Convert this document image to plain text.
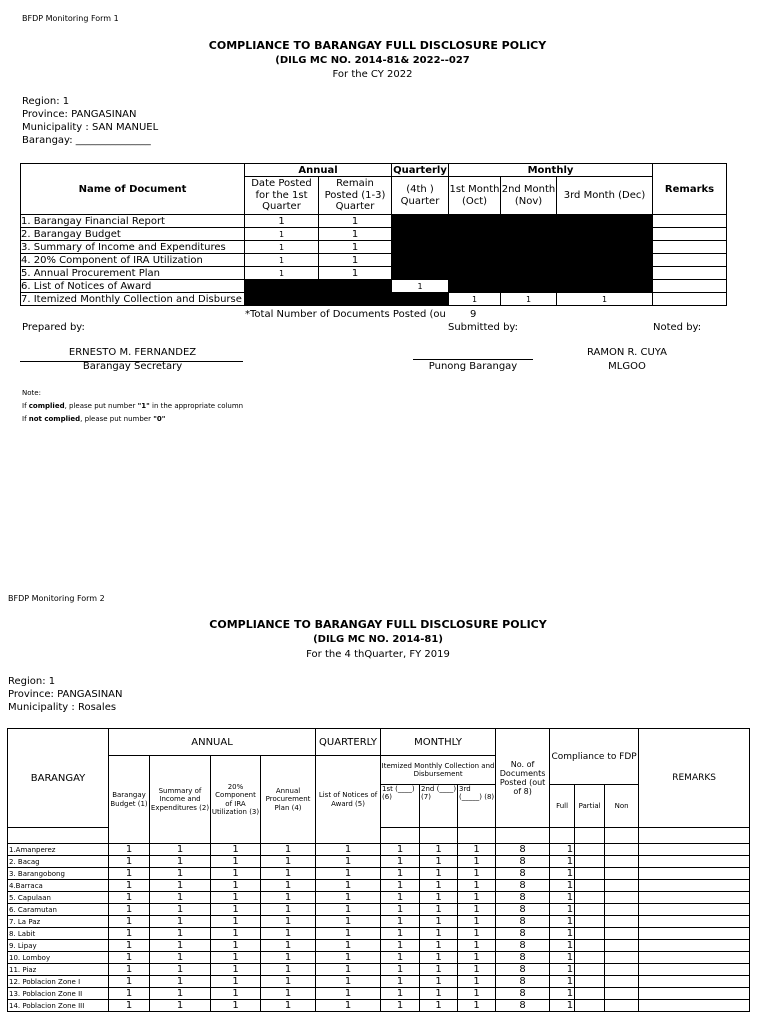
BFDP Monitoring Form 1
COMPLIANCE TO BARANGAY FULL DISCLOSURE POLICY
(DILG MC NO. 2014-81& 2022--027
For the CY 2022
Region: 1
Province: PANGASINAN
Municipality : SAN MANUEL
Barangay: _______________
Name of Document	Annual		Quarterly	Monthly			Remarks
	Date Posted for the 1st Quarter	Remain Posted (1-3) Quarter	(4th ) Quarter	1st Month (Oct)	2nd Month (Nov)	3rd Month (Dec)	
1. Barangay Financial Report	1	1					
2. Barangay Budget	1	1					
3. Summary of Income and Expenditures	1	1					
4. 20% Component of IRA Utilization	1	1					
5. Annual Procurement Plan	1	1					
6. List of Notices of Award			1				
7. Itemized Monthly Collection and Disburse				1	1	1	
*Total Number of Documents Posted (ou 9
Prepared by:	Submitted by:	Noted by:
ERNESTO M. FERNANDEZ
Barangay Secretary	Punong Barangay
RAMON R. CUYA
MLGOO
Note:
If complied, please put number "1" in the appropriate column
If not complied, please put number "0"
BFDP Monitoring Form 2
COMPLIANCE TO BARANGAY FULL DISCLOSURE POLICY
(DILG MC NO. 2014-81)
For the 4 thQuarter, FY 2019
Region: 1
Province: PANGASINAN
Municipality : Rosales
BARANGAY	ANNUAL				QUARTERLY	MONTHLY			No. of Documents Posted (out of 8)	Compliance to FDP			REMARKS	
	Barangay Budget (1)	Summary of Income and Expenditures (2)	20% Component of IRA Utilization (3)	Annual Procurement Plan (4)	List of Notices of Award (5)	Itemized Monthly Collection and Disbursement								
						1st (____) (6)	2nd (____) (7)	3rd (_____) (8)		Full	Partial	Non		

1.Amanperez	1	1	1	1	1	1	1	1	8	1				
2. Bacag	1	1	1	1	1	1	1	1	8	1				
3. Barangobong	1	1	1	1	1	1	1	1	8	1				
4.Barraca	1	1	1	1	1	1	1	1	8	1				
5. Capulaan	1	1	1	1	1	1	1	1	8	1				
6. Caramutan	1	1	1	1	1	1	1	1	8	1				
7. La Paz	1	1	1	1	1	1	1	1	8	1				
8. Labit	1	1	1	1	1	1	1	1	8	1				
9. Lipay	1	1	1	1	1	1	1	1	8	1				
10. Lomboy	1	1	1	1	1	1	1	1	8	1				
11. Piaz	1	1	1	1	1	1	1	1	8	1				
12. Poblacion Zone I	1	1	1	1	1	1	1	1	8	1				
13. Poblacion Zone II	1	1	1	1	1	1	1	1	8	1				
14. Poblacion Zone III	1	1	1	1	1	1	1	1	8	1				
